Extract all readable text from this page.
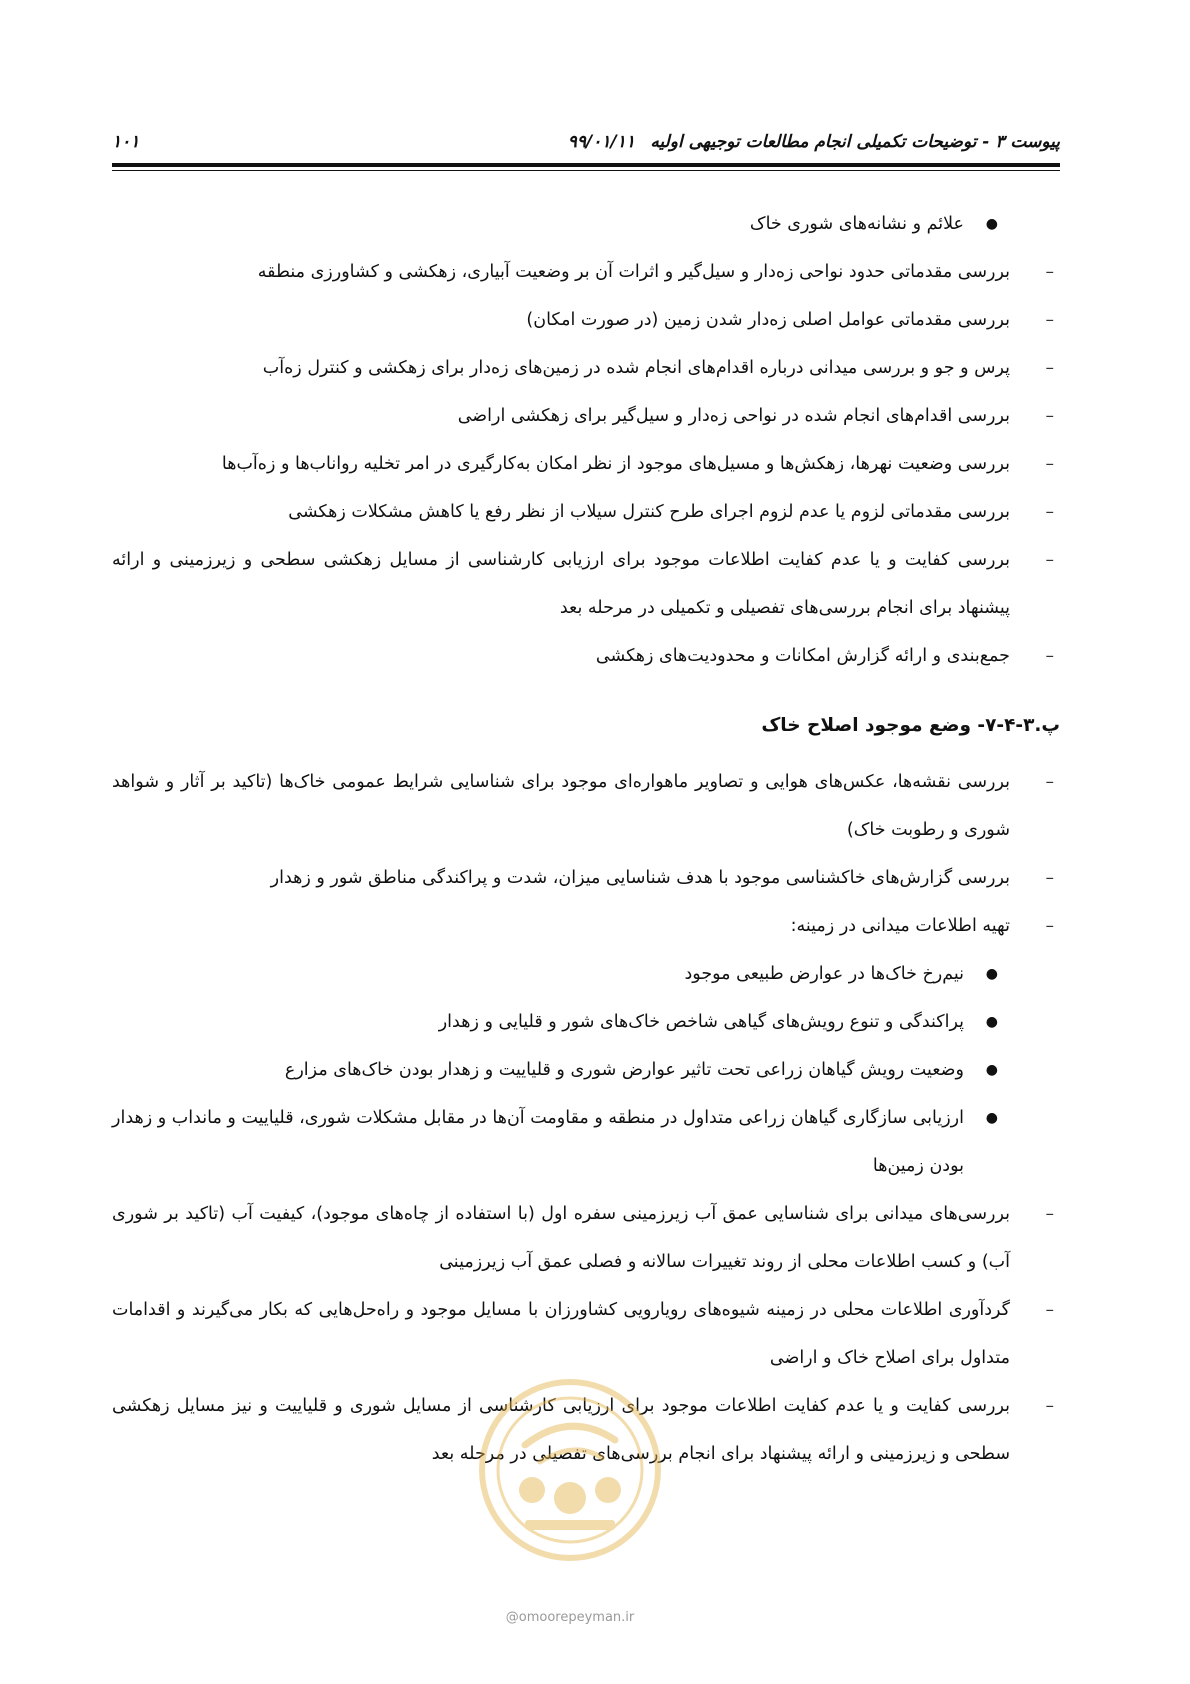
پیوست ۳ - توضیحات تکمیلی انجام مطالعات توجیهی اولیه
۹۹/۰۱/۱۱
۱۰۱
●
علائم و نشانه‌های شوری خاک
–
بررسی مقدماتی حدود نواحی زه‌دار و سیل‌گیر و اثرات آن بر وضعیت آبیاری، زهکشی و کشاورزی منطقه
–
بررسی مقدماتی عوامل اصلی زه‌دار شدن زمین (در صورت امکان)
–
پرس و جو و بررسی میدانی درباره اقدام‌های انجام شده در زمین‌های زه‌دار برای زهکشی و کنترل زه‌آب
–
بررسی اقدام‌های انجام شده در نواحی زه‌دار و سیل‌گیر برای زهکشی اراضی
–
بررسی وضعیت نهرها، زهکش‌ها و مسیل‌های موجود از نظر امکان به‌کارگیری در امر تخلیه رواناب‌ها و زه‌آب‌ها
–
بررسی مقدماتی لزوم یا عدم لزوم اجرای طرح کنترل سیلاب از نظر رفع یا کاهش مشکلات زهکشی
–
بررسی کفایت و یا عدم کفایت اطلاعات موجود برای ارزیابی کارشناسی از مسایل زهکشی سطحی و زیرزمینی و ارائه پیشنهاد برای انجام بررسی‌های تفصیلی و تکمیلی در مرحله بعد
–
جمع‌بندی و ارائه گزارش امکانات و محدودیت‌های زهکشی
پ.۳-۴-۷- وضع موجود اصلاح خاک
–
بررسی نقشه‌ها، عکس‌های هوایی و تصاویر ماهواره‌ای موجود برای شناسایی شرایط عمومی خاک‌ها (تاکید بر آثار و شواهد شوری و رطوبت خاک)
–
بررسی گزارش‌های خاکشناسی موجود با هدف شناسایی میزان، شدت و پراکندگی مناطق شور و زهدار
–
تهیه اطلاعات میدانی در زمینه:
●
نیم‌رخ خاک‌ها در عوارض طبیعی موجود
●
پراکندگی و تنوع رویش‌های گیاهی شاخص خاک‌های شور و قلیایی و زهدار
●
وضعیت رویش گیاهان زراعی تحت تاثیر عوارض شوری و قلیاییت و زهدار بودن خاک‌های مزارع
●
ارزیابی سازگاری گیاهان زراعی متداول در منطقه و مقاومت آن‌ها در مقابل مشکلات شوری، قلیاییت و مانداب و زهدار بودن زمین‌ها
–
بررسی‌های میدانی برای شناسایی عمق آب زیرزمینی سفره اول (با استفاده از چاه‌های موجود)، کیفیت آب (تاکید بر شوری آب) و کسب اطلاعات محلی از روند تغییرات سالانه و فصلی عمق آب زیرزمینی
–
گردآوری اطلاعات محلی در زمینه شیوه‌های رویارویی کشاورزان با مسایل موجود و راه‌حل‌هایی که بکار می‌گیرند و اقدامات متداول برای اصلاح خاک و اراضی
–
بررسی کفایت و یا عدم کفایت اطلاعات موجود برای ارزیابی کارشناسی از مسایل شوری و قلیاییت و نیز مسایل زهکشی سطحی و زیرزمینی و ارائه پیشنهاد برای انجام بررسی‌های تفصیلی در مرحله بعد
@omoorepeyman.ir
